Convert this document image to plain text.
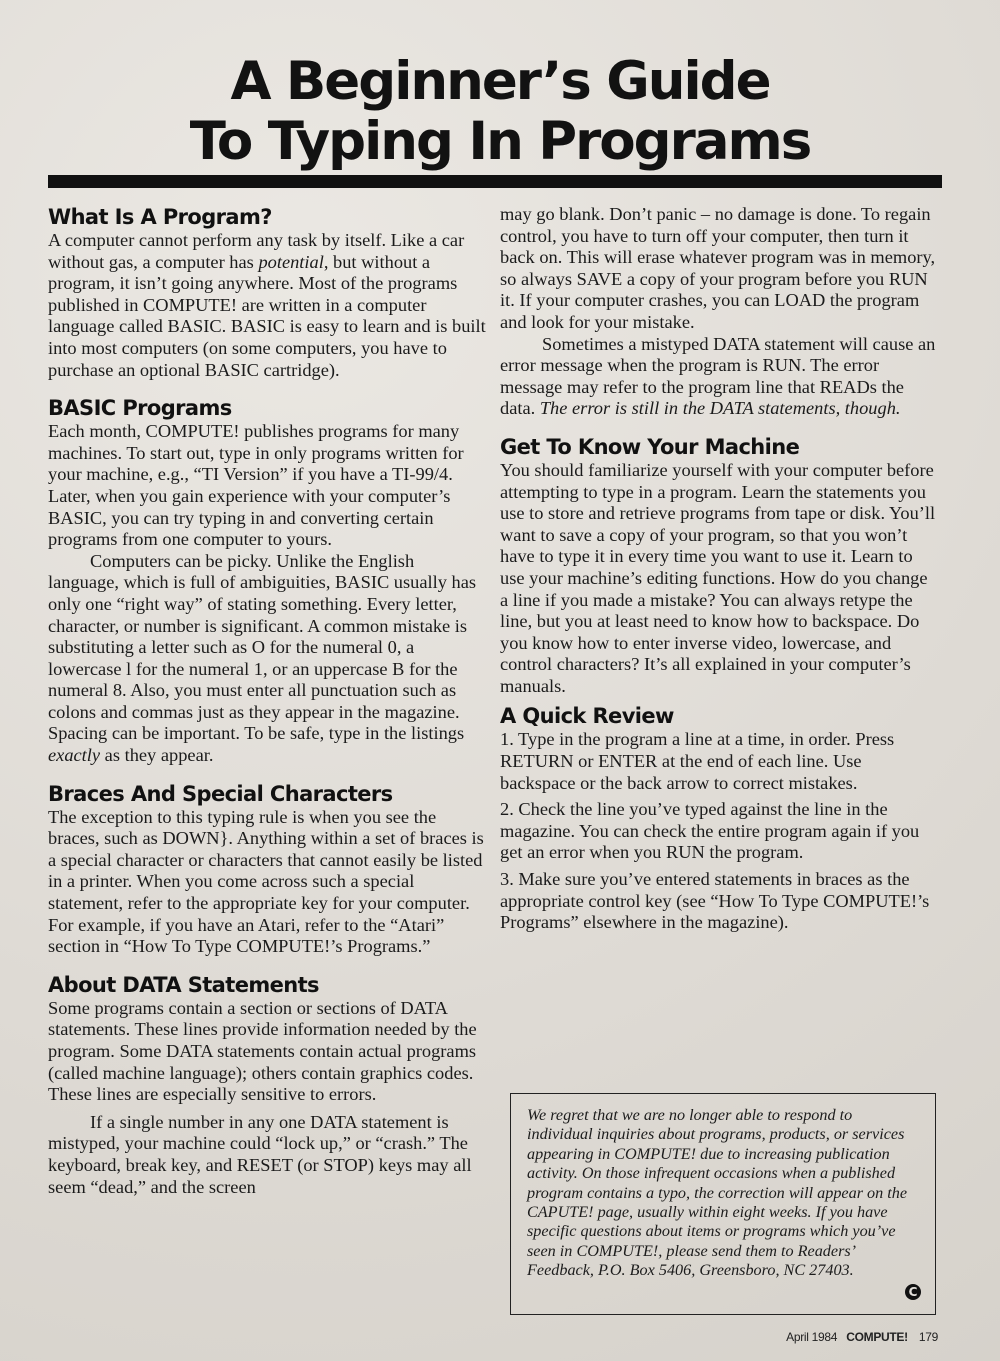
A Beginner’s Guide
To Typing In Programs
What Is A Program?

A computer cannot perform any task by itself. Like a car without gas, a computer has potential, but without a program, it isn’t going anywhere. Most of the programs published in COMPUTE! are written in a computer language called BASIC. BASIC is easy to learn and is built into most computers (on some computers, you have to purchase an optional BASIC cartridge).

BASIC Programs

Each month, COMPUTE! publishes programs for many machines. To start out, type in only programs written for your machine, e.g., “TI Version” if you have a TI-99/4. Later, when you gain experience with your computer’s BASIC, you can try typing in and converting certain programs from one computer to yours.

Computers can be picky. Unlike the English language, which is full of ambiguities, BASIC usually has only one “right way” of stating something. Every letter, character, or number is significant. A common mistake is substituting a letter such as O for the numeral 0, a lowercase l for the numeral 1, or an uppercase B for the numeral 8. Also, you must enter all punctuation such as colons and commas just as they appear in the magazine. Spacing can be important. To be safe, type in the listings exactly as they appear.

Braces And Special Characters

The exception to this typing rule is when you see the braces, such as DOWN}. Anything within a set of braces is a special character or characters that cannot easily be listed in a printer. When you come across such a special statement, refer to the appropriate key for your computer. For example, if you have an Atari, refer to the “Atari” section in “How To Type COMPUTE!’s Programs.”

About DATA Statements

Some programs contain a section or sections of DATA statements. These lines provide information needed by the program. Some DATA statements contain actual programs (called machine language); others contain graphics codes. These lines are especially sensitive to errors.

If a single number in any one DATA statement is mistyped, your machine could “lock up,” or “crash.” The keyboard, break key, and RESET (or STOP) keys may all seem “dead,” and the screen

may go blank. Don’t panic – no damage is done. To regain control, you have to turn off your computer, then turn it back on. This will erase whatever program was in memory, so always SAVE a copy of your program before you RUN it. If your computer crashes, you can LOAD the program and look for your mistake.

Sometimes a mistyped DATA statement will cause an error message when the program is RUN. The error message may refer to the program line that READs the data. The error is still in the DATA statements, though.

Get To Know Your Machine

You should familiarize yourself with your computer before attempting to type in a program. Learn the statements you use to store and retrieve programs from tape or disk. You’ll want to save a copy of your program, so that you won’t have to type it in every time you want to use it. Learn to use your machine’s editing functions. How do you change a line if you made a mistake? You can always retype the line, but you at least need to know how to backspace. Do you know how to enter inverse video, lowercase, and control characters? It’s all explained in your computer’s manuals.

A Quick Review

1. Type in the program a line at a time, in order. Press RETURN or ENTER at the end of each line. Use backspace or the back arrow to correct mistakes.

2. Check the line you’ve typed against the line in the magazine. You can check the entire program again if you get an error when you RUN the program.

3. Make sure you’ve entered statements in braces as the appropriate control key (see “How To Type COMPUTE!’s Programs” elsewhere in the magazine).

We regret that we are no longer able to respond to individual inquiries about programs, products, or services appearing in COMPUTE! due to increasing publication activity. On those infrequent occasions when a published program contains a typo, the correction will appear on the CAPUTE! page, usually within eight weeks. If you have specific questions about items or programs which you’ve seen in COMPUTE!, please send them to Readers’ Feedback, P.O. Box 5406, Greensboro, NC 27403.

C
April 1984 COMPUTE! 179
